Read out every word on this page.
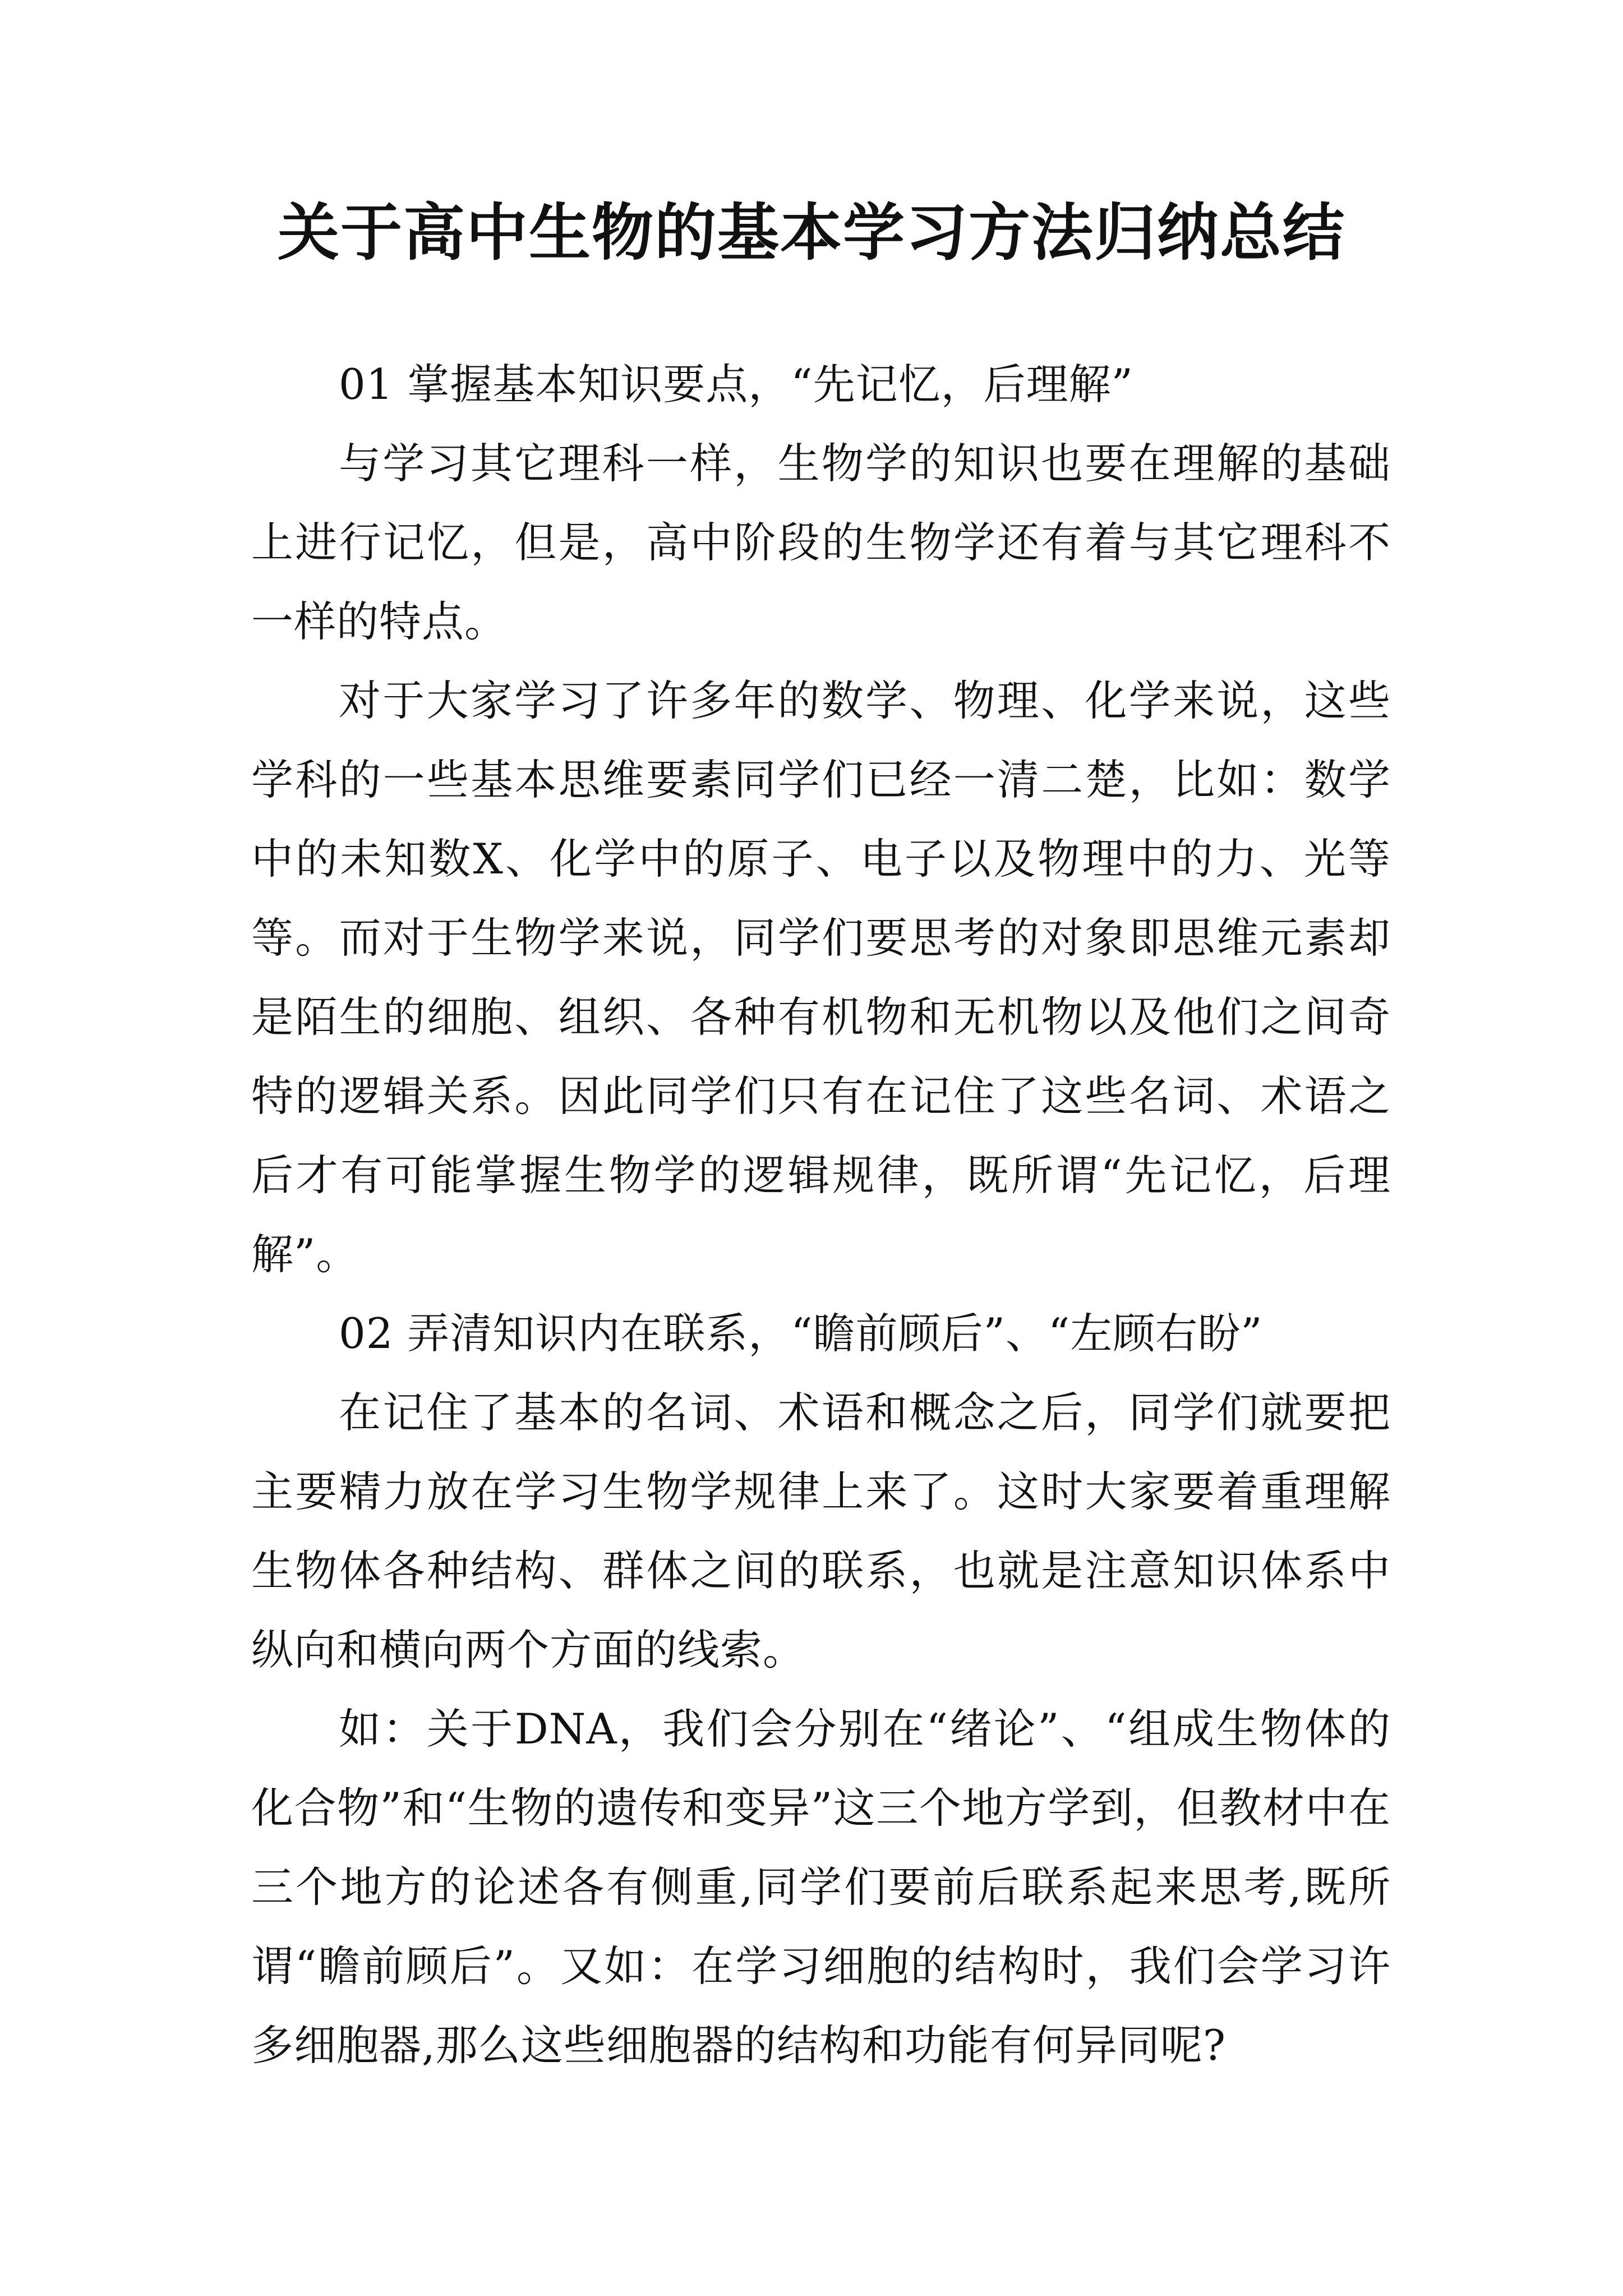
关于高中生物的基本学习方法归纳总结

01 掌握基本知识要点，“先记忆，后理解”

与学习其它理科一样，生物学的知识也要在理解的基础上进行记忆，但是，高中阶段的生物学还有着与其它理科不一样的特点。

对于大家学习了许多年的数学、物理、化学来说，这些学科的一些基本思维要素同学们已经一清二楚，比如：数学中的未知数X、化学中的原子、电子以及物理中的力、光等等。而对于生物学来说，同学们要思考的对象即思维元素却是陌生的细胞、组织、各种有机物和无机物以及他们之间奇特的逻辑关系。因此同学们只有在记住了这些名词、术语之后才有可能掌握生物学的逻辑规律，既所谓“先记忆，后理解”。

02 弄清知识内在联系，“瞻前顾后”、“左顾右盼”

在记住了基本的名词、术语和概念之后，同学们就要把主要精力放在学习生物学规律上来了。这时大家要着重理解生物体各种结构、群体之间的联系，也就是注意知识体系中纵向和横向两个方面的线索。

如：关于DNA，我们会分别在“绪论”、“组成生物体的化合物”和“生物的遗传和变异”这三个地方学到，但教材中在三个地方的论述各有侧重,同学们要前后联系起来思考,既所谓“瞻前顾后”。又如：在学习细胞的结构时，我们会学习许多细胞器,那么这些细胞器的结构和功能有何异同呢?
